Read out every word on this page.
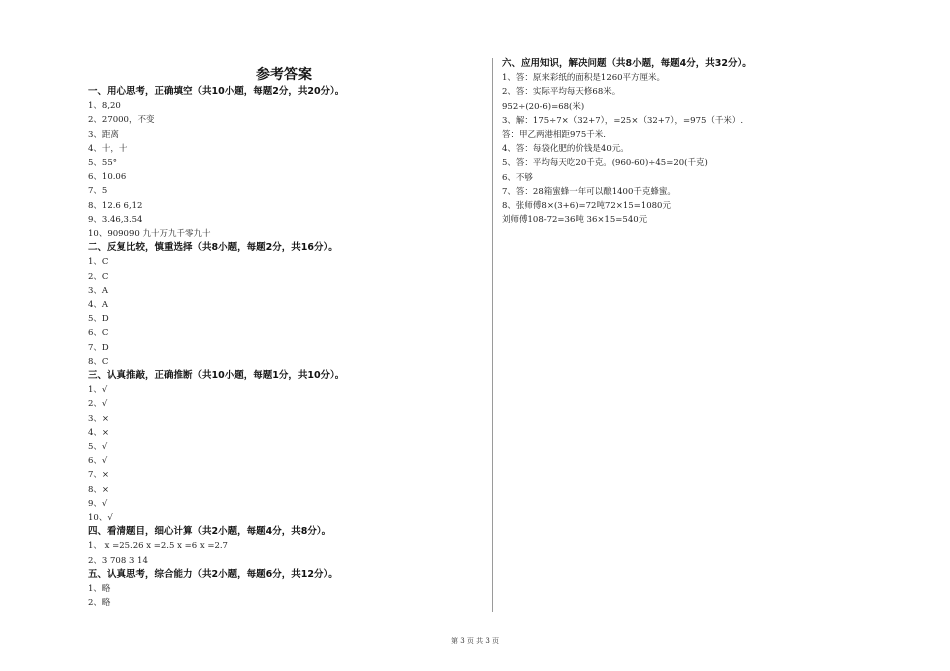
参考答案
一、用心思考，正确填空（共10小题，每题2分，共20分）。
1、8,20
2、27000，不变
3、距离
4、十，十
5、55°
6、10.06
7、5
8、12.6 6,12
9、3.46,3.54
10、909090 九十万九千零九十
二、反复比较，慎重选择（共8小题，每题2分，共16分）。
1、C
2、C
3、A
4、A
5、D
6、C
7、D
8、C
三、认真推敲，正确推断（共10小题，每题1分，共10分）。
1、√
2、√
3、×
4、×
5、√
6、√
7、×
8、×
9、√
10、√
四、看清题目，细心计算（共2小题，每题4分，共8分）。
1、 x =25.26 x =2.5 x =6 x =2.7
2、3 708 3 14
五、认真思考，综合能力（共2小题，每题6分，共12分）。
1、略
2、略
六、应用知识，解决问题（共8小题，每题4分，共32分）。
1、答：原来彩纸的面积是1260平方厘米。
2、答：实际平均每天修68米。
952÷(20-6)=68(米)
3、解：175÷7×（32+7），=25×（32+7），=975（千米）.
答：甲乙两港相距975千米.
4、答：每袋化肥的价钱是40元。
5、答：平均每天吃20千克。(960-60)÷45=20(千克)
6、不够
7、答：28箱蜜蜂一年可以酿1400千克蜂蜜。
8、张师傅8×(3+6)=72吨72×15=1080元
刘师傅108-72=36吨 36×15=540元
第 3 页 共 3 页
